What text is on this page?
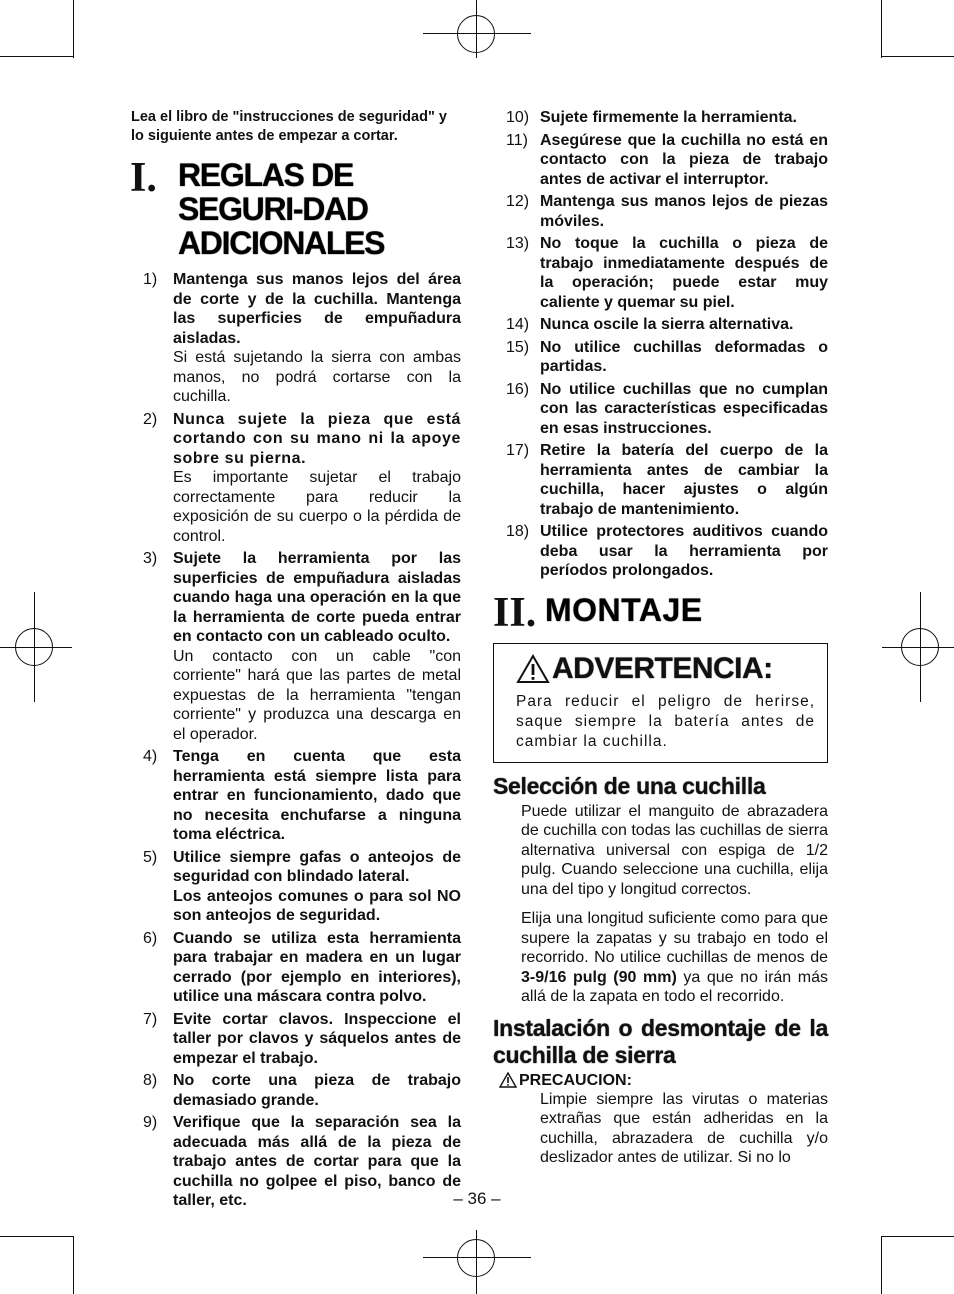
Lea el libro de "instrucciones de seguridad" y lo siguiente antes de empezar a cortar.

I. REGLAS DE SEGURI-DAD ADICIONALES
1) Mantenga sus manos lejos del área de corte y de la cuchilla. Mantenga las superficies de empuñadura aisladas.
Si está sujetando la sierra con ambas manos, no podrá cortarse con la cuchilla.
2) Nunca sujete la pieza que está cortando con su mano ni la apoye sobre su pierna.
Es importante sujetar el trabajo correctamente para reducir la exposición de su cuerpo o la pérdida de control.
3) Sujete la herramienta por las superficies de empuñadura aisladas cuando haga una operación en la que la herramienta de corte pueda entrar en contacto con un cableado oculto.
Un contacto con un cable "con corriente" hará que las partes de metal expuestas de la herramienta "tengan corriente" y produzca una descarga en el operador.
4) Tenga en cuenta que esta herramienta está siempre lista para entrar en funcionamiento, dado que no necesita enchufarse a ninguna toma eléctrica.
5) Utilice siempre gafas o anteojos de seguridad con blindado lateral.
Los anteojos comunes o para sol NO son anteojos de seguridad.
6) Cuando se utiliza esta herramienta para trabajar en madera en un lugar cerrado (por ejemplo en interiores), utilice una máscara contra polvo.
7) Evite cortar clavos. Inspeccione el taller por clavos y sáquelos antes de empezar el trabajo.
8) No corte una pieza de trabajo demasiado grande.
9) Verifique que la separación sea la adecuada más allá de la pieza de trabajo antes de cortar para que la cuchilla no golpee el piso, banco de taller, etc.
10) Sujete firmemente la herramienta.
11) Asegúrese que la cuchilla no está en contacto con la pieza de trabajo antes de activar el interruptor.
12) Mantenga sus manos lejos de piezas móviles.
13) No toque la cuchilla o pieza de trabajo inmediatamente después de la operación; puede estar muy caliente y quemar su piel.
14) Nunca oscile la sierra alternativa.
15) No utilice cuchillas deformadas o partidas.
16) No utilice cuchillas que no cumplan con las características especificadas en esas instrucciones.
17) Retire la batería del cuerpo de la herramienta antes de cambiar la cuchilla, hacer ajustes o algún trabajo de mantenimiento.
18) Utilice protectores auditivos cuando deba usar la herramienta por períodos prolongados.
II. MONTAJE
ADVERTENCIA:
Para reducir el peligro de herirse, saque siempre la batería antes de cambiar la cuchilla.
Selección de una cuchilla

Puede utilizar el manguito de abrazadera de cuchilla con todas las cuchillas de sierra alternativa universal con espiga de 1/2 pulg. Cuando seleccione una cuchilla, elija una del tipo y longitud correctos.

Elija una longitud suficiente como para que supere la zapatas y su trabajo en todo el recorrido. No utilice cuchillas de menos de 3-9/16 pulg (90 mm) ya que no irán más allá de la zapata en todo el recorrido.

Instalación o desmontaje de la cuchilla de sierra
PRECAUCION:
Limpie siempre las virutas o materias extrañas que están adheridas en la cuchilla, abrazadera de cuchilla y/o deslizador antes de utilizar. Si no lo
– 36 –
